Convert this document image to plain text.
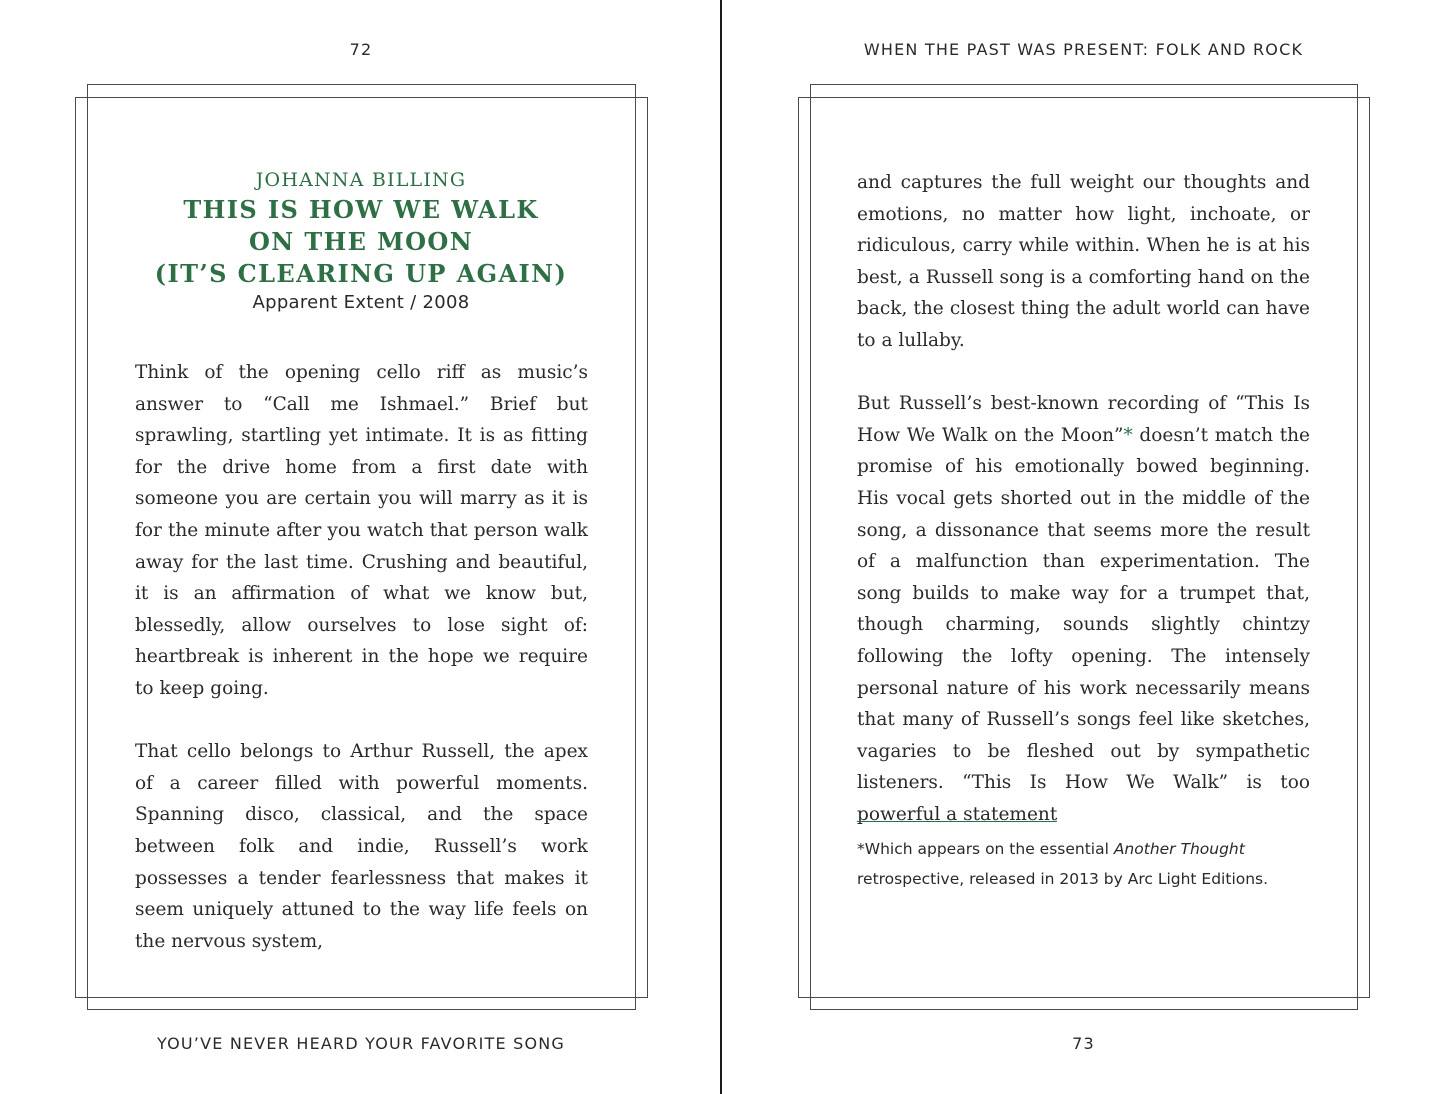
72

JOHANNA BILLING

THIS IS HOW WE WALK

ON THE MOON

(IT’S CLEARING UP AGAIN)

Apparent Extent / 2008

Think of the opening cello riff as music’s answer to “Call me Ishmael.” Brief but sprawling, startling yet intimate. It is as fitting for the drive home from a first date with someone you are certain you will marry as it is for the minute after you watch that person walk away for the last time. Crushing and beautiful, it is an affirmation of what we know but, blessedly, allow ourselves to lose sight of: heartbreak is inherent in the hope we require to keep going.

That cello belongs to Arthur Russell, the apex of a career filled with powerful moments. Spanning disco, classical, and the space between folk and indie, Russell’s work possesses a tender fearlessness that makes it seem uniquely attuned to the way life feels on the nervous system,

YOU’VE NEVER HEARD YOUR FAVORITE SONG
WHEN THE PAST WAS PRESENT: FOLK AND ROCK

and captures the full weight our thoughts and emotions, no matter how light, inchoate, or ridiculous, carry while within. When he is at his best, a Russell song is a comforting hand on the back, the closest thing the adult world can have to a lullaby.

But Russell’s best-known recording of “This Is How We Walk on the Moon”* doesn’t match the promise of his emotionally bowed beginning. His vocal gets shorted out in the middle of the song, a dissonance that seems more the result of a malfunction than experimentation. The song builds to make way for a trumpet that, though charming, sounds slightly chintzy following the lofty opening. The intensely personal nature of his work necessarily means that many of Russell’s songs feel like sketches, vagaries to be fleshed out by sympathetic listeners. “This Is How We Walk” is too powerful a statement

*Which appears on the essential Another Thought retrospective, released in 2013 by Arc Light Editions.

73
